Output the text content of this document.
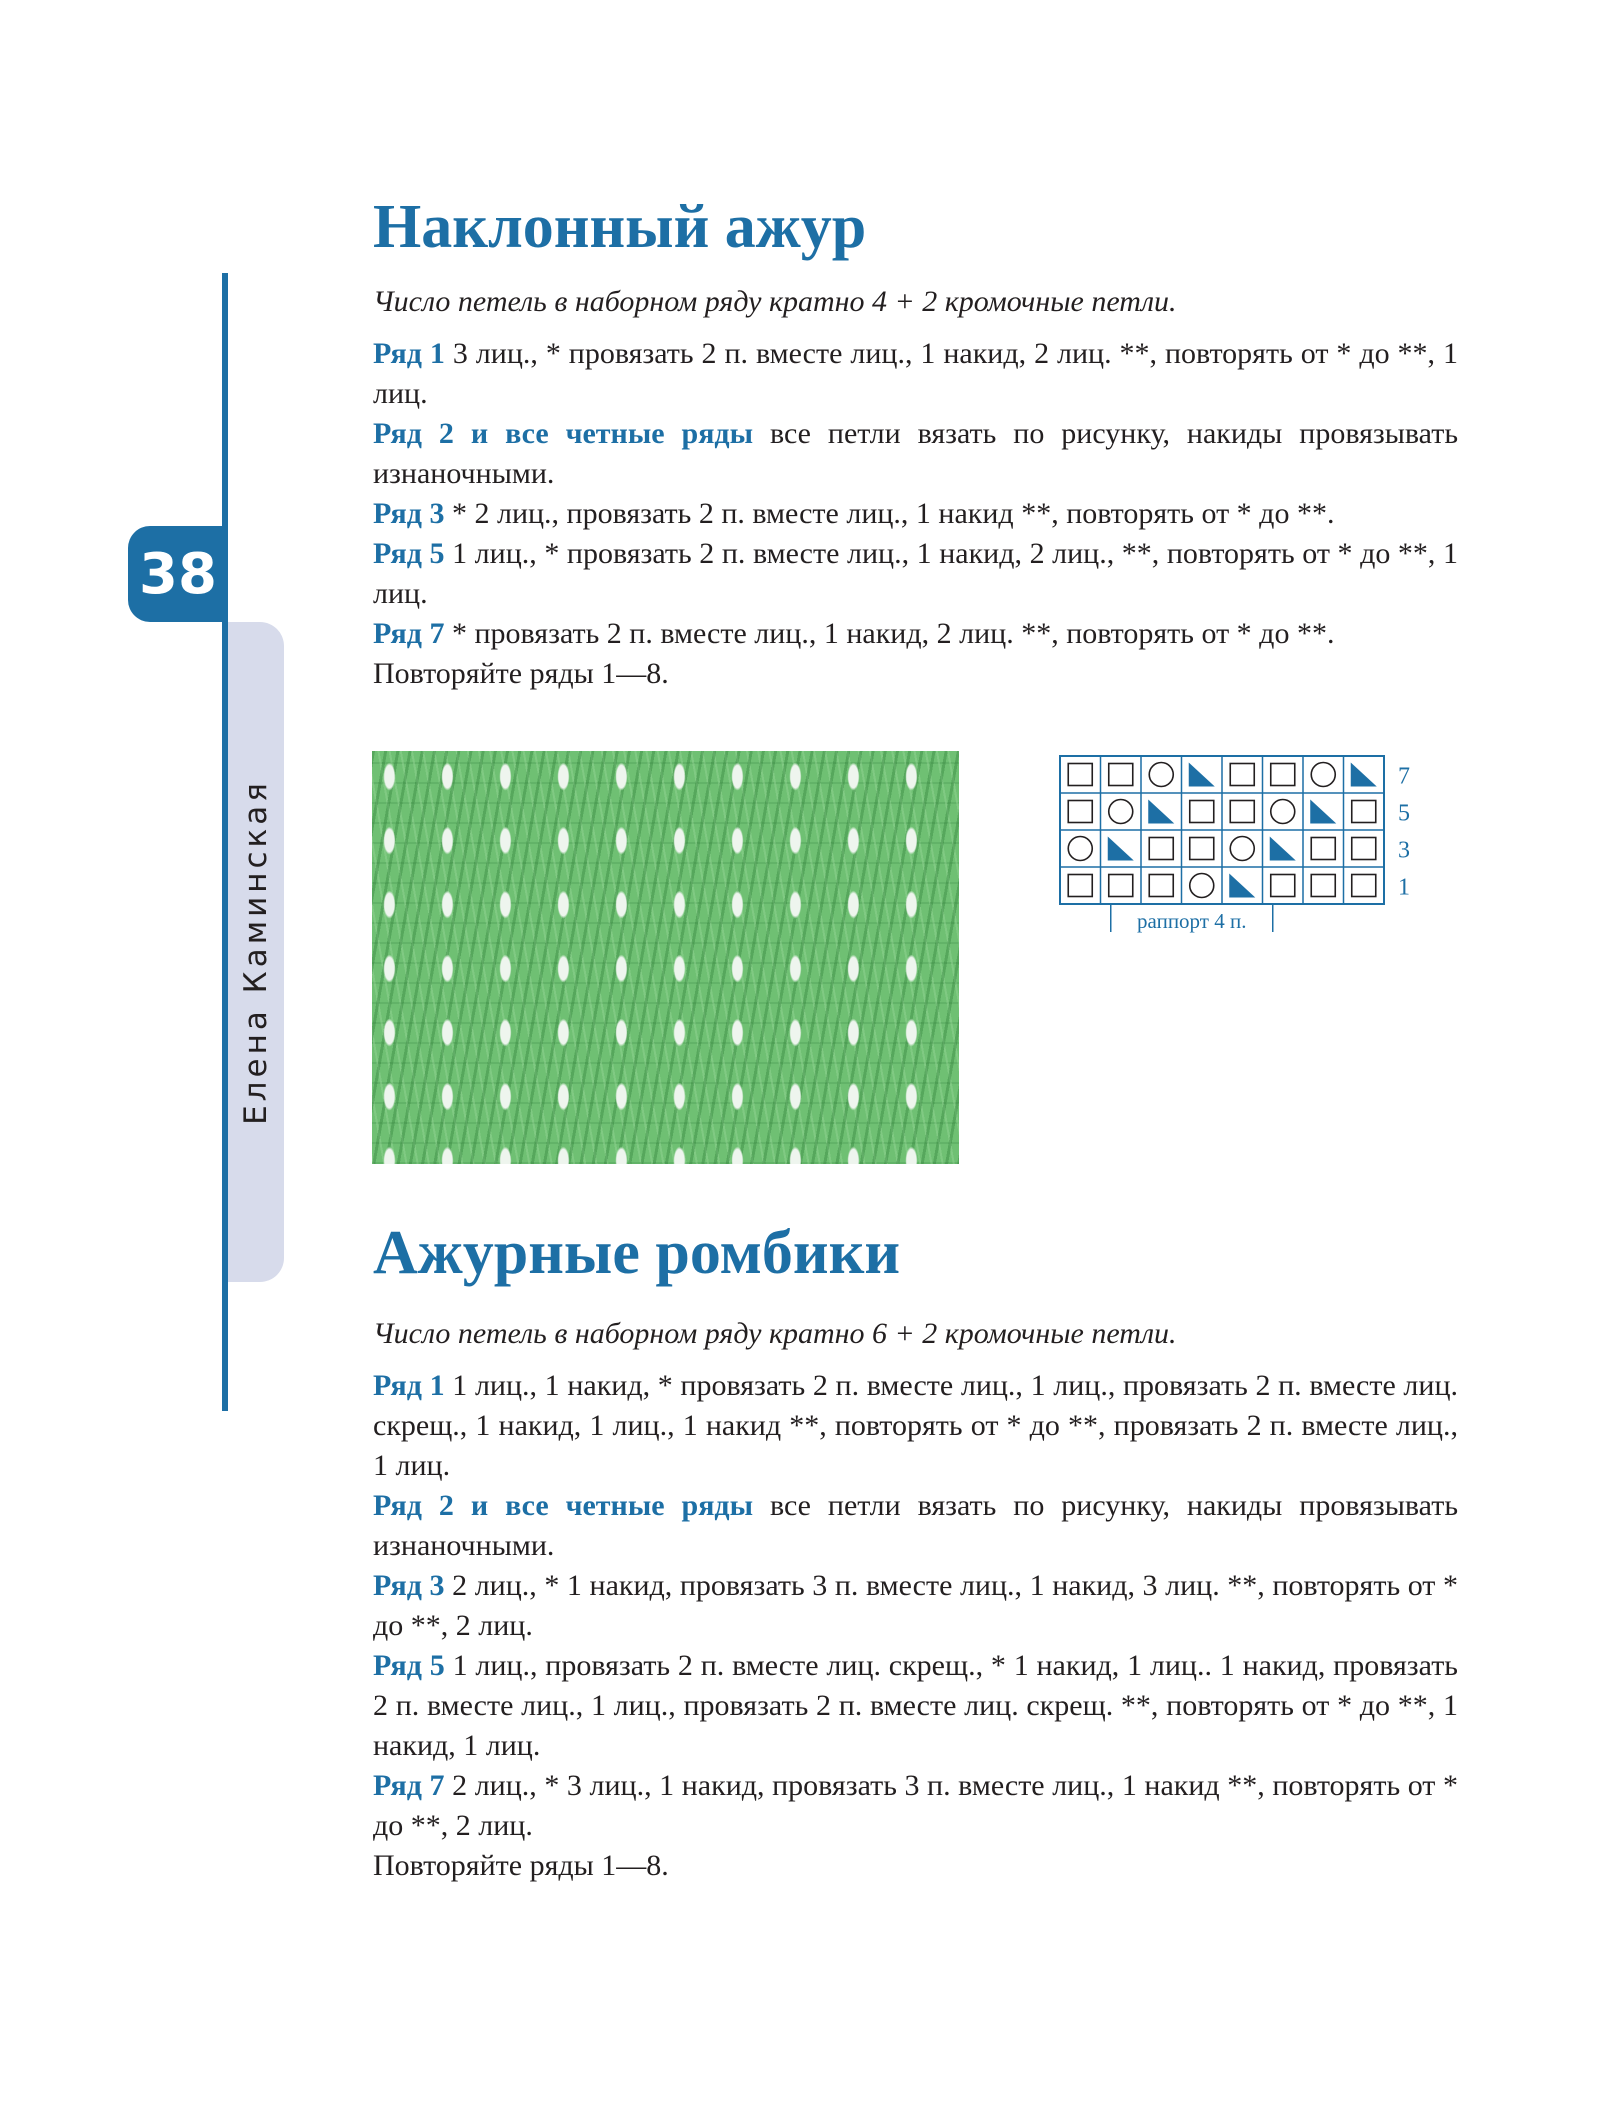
38
Елена Каминская
Наклонный ажур

Число петель в наборном ряду кратно 4 + 2 кромочные петли.

Ряд 1 3 лиц., * провязать 2 п. вместе лиц., 1 накид, 2 лиц. **, повторять от * до **, 1 лиц.

Ряд 2 и все четные ряды все петли вязать по рисунку, накиды провязывать изнаночными.

Ряд 3 * 2 лиц., провязать 2 п. вместе лиц., 1 накид **, повторять от * до **.

Ряд 5 1 лиц., * провязать 2 п. вместе лиц., 1 накид, 2 лиц., **, повторять от * до **, 1 лиц.

Ряд 7 * провязать 2 п. вместе лиц., 1 накид, 2 лиц. **, повторять от * до **.

Повторяйте ряды 1—8.

7
5
3
1
раппорт 4 п.
Ажурные ромбики

Число петель в наборном ряду кратно 6 + 2 кромочные петли.

Ряд 1 1 лиц., 1 накид, * провязать 2 п. вместе лиц., 1 лиц., провязать 2 п. вместе лиц. скрещ., 1 накид, 1 лиц., 1 накид **, повторять от * до **, провязать 2 п. вместе лиц., 1 лиц.

Ряд 2 и все четные ряды все петли вязать по рисунку, накиды провязывать изнаночными.

Ряд 3 2 лиц., * 1 накид, провязать 3 п. вместе лиц., 1 накид, 3 лиц. **, повторять от * до **, 2 лиц.

Ряд 5 1 лиц., провязать 2 п. вместе лиц. скрещ., * 1 накид, 1 лиц.. 1 накид, провязать 2 п. вместе лиц., 1 лиц., провязать 2 п. вместе лиц. скрещ. **, повторять от * до **, 1 накид, 1 лиц.

Ряд 7 2 лиц., * 3 лиц., 1 накид, провязать 3 п. вместе лиц., 1 накид **, повторять от * до **, 2 лиц.

Повторяйте ряды 1—8.
